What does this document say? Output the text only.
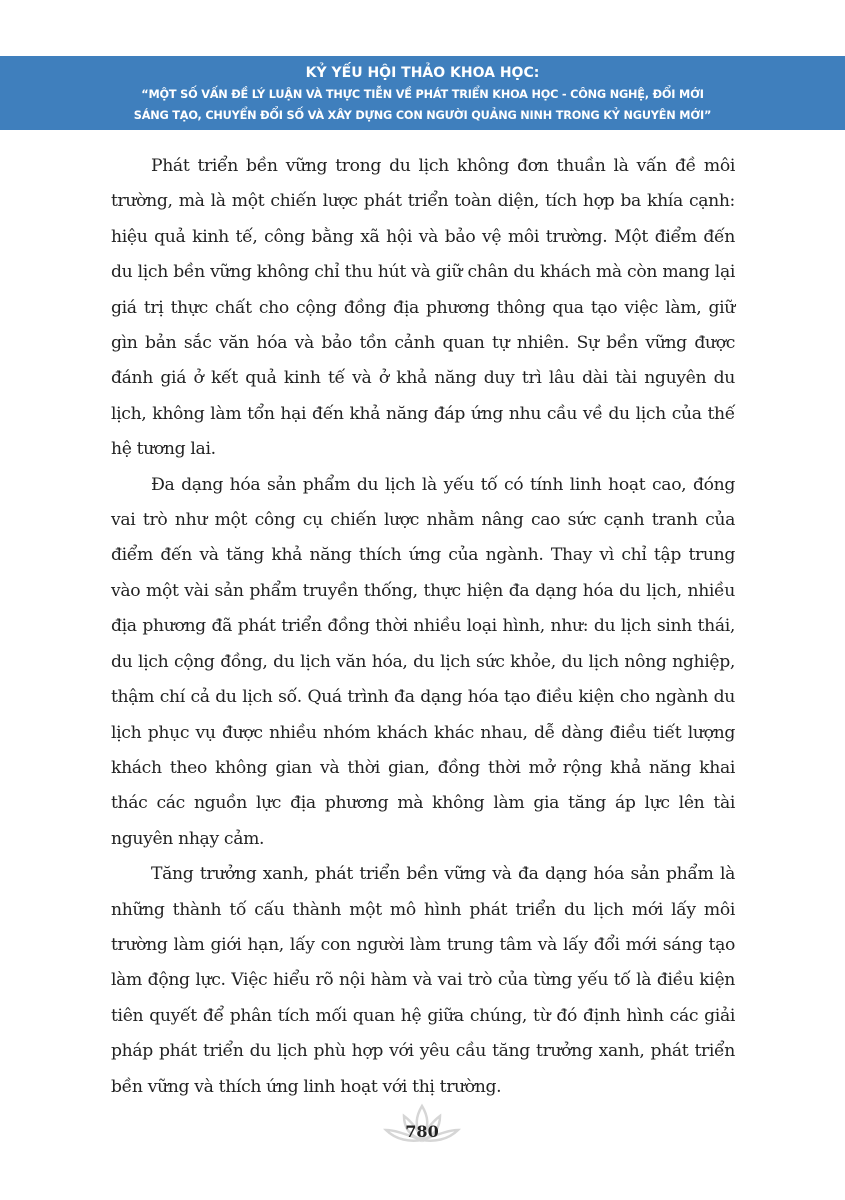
KỶ YẾU HỘI THẢO KHOA HỌC:
“MỘT SỐ VẤN ĐỀ LÝ LUẬN VÀ THỰC TIỄN VỀ PHÁT TRIỂN KHOA HỌC - CÔNG NGHỆ, ĐỔI MỚI
SÁNG TẠO, CHUYỂN ĐỔI SỐ VÀ XÂY DỰNG CON NGƯỜI QUẢNG NINH TRONG KỶ NGUYÊN MỚI”

Phát triển bền vững trong du lịch không đơn thuần là vấn đề môi trường, mà là một chiến lược phát triển toàn diện, tích hợp ba khía cạnh: hiệu quả kinh tế, công bằng xã hội và bảo vệ môi trường. Một điểm đến du lịch bền vững không chỉ thu hút và giữ chân du khách mà còn mang lại giá trị thực chất cho cộng đồng địa phương thông qua tạo việc làm, giữ gìn bản sắc văn hóa và bảo tồn cảnh quan tự nhiên. Sự bền vững được đánh giá ở kết quả kinh tế và ở khả năng duy trì lâu dài tài nguyên du lịch, không làm tổn hại đến khả năng đáp ứng nhu cầu về du lịch của thế hệ tương lai.

Đa dạng hóa sản phẩm du lịch là yếu tố có tính linh hoạt cao, đóng vai trò như một công cụ chiến lược nhằm nâng cao sức cạnh tranh của điểm đến và tăng khả năng thích ứng của ngành. Thay vì chỉ tập trung vào một vài sản phẩm truyền thống, thực hiện đa dạng hóa du lịch, nhiều địa phương đã phát triển đồng thời nhiều loại hình, như: du lịch sinh thái, du lịch cộng đồng, du lịch văn hóa, du lịch sức khỏe, du lịch nông nghiệp, thậm chí cả du lịch số. Quá trình đa dạng hóa tạo điều kiện cho ngành du lịch phục vụ được nhiều nhóm khách khác nhau, dễ dàng điều tiết lượng khách theo không gian và thời gian, đồng thời mở rộng khả năng khai thác các nguồn lực địa phương mà không làm gia tăng áp lực lên tài nguyên nhạy cảm.

Tăng trưởng xanh, phát triển bền vững và đa dạng hóa sản phẩm là những thành tố cấu thành một mô hình phát triển du lịch mới lấy môi trường làm giới hạn, lấy con người làm trung tâm và lấy đổi mới sáng tạo làm động lực. Việc hiểu rõ nội hàm và vai trò của từng yếu tố là điều kiện tiên quyết để phân tích mối quan hệ giữa chúng, từ đó định hình các giải pháp phát triển du lịch phù hợp với yêu cầu tăng trưởng xanh, phát triển bền vững và thích ứng linh hoạt với thị trường.

780
